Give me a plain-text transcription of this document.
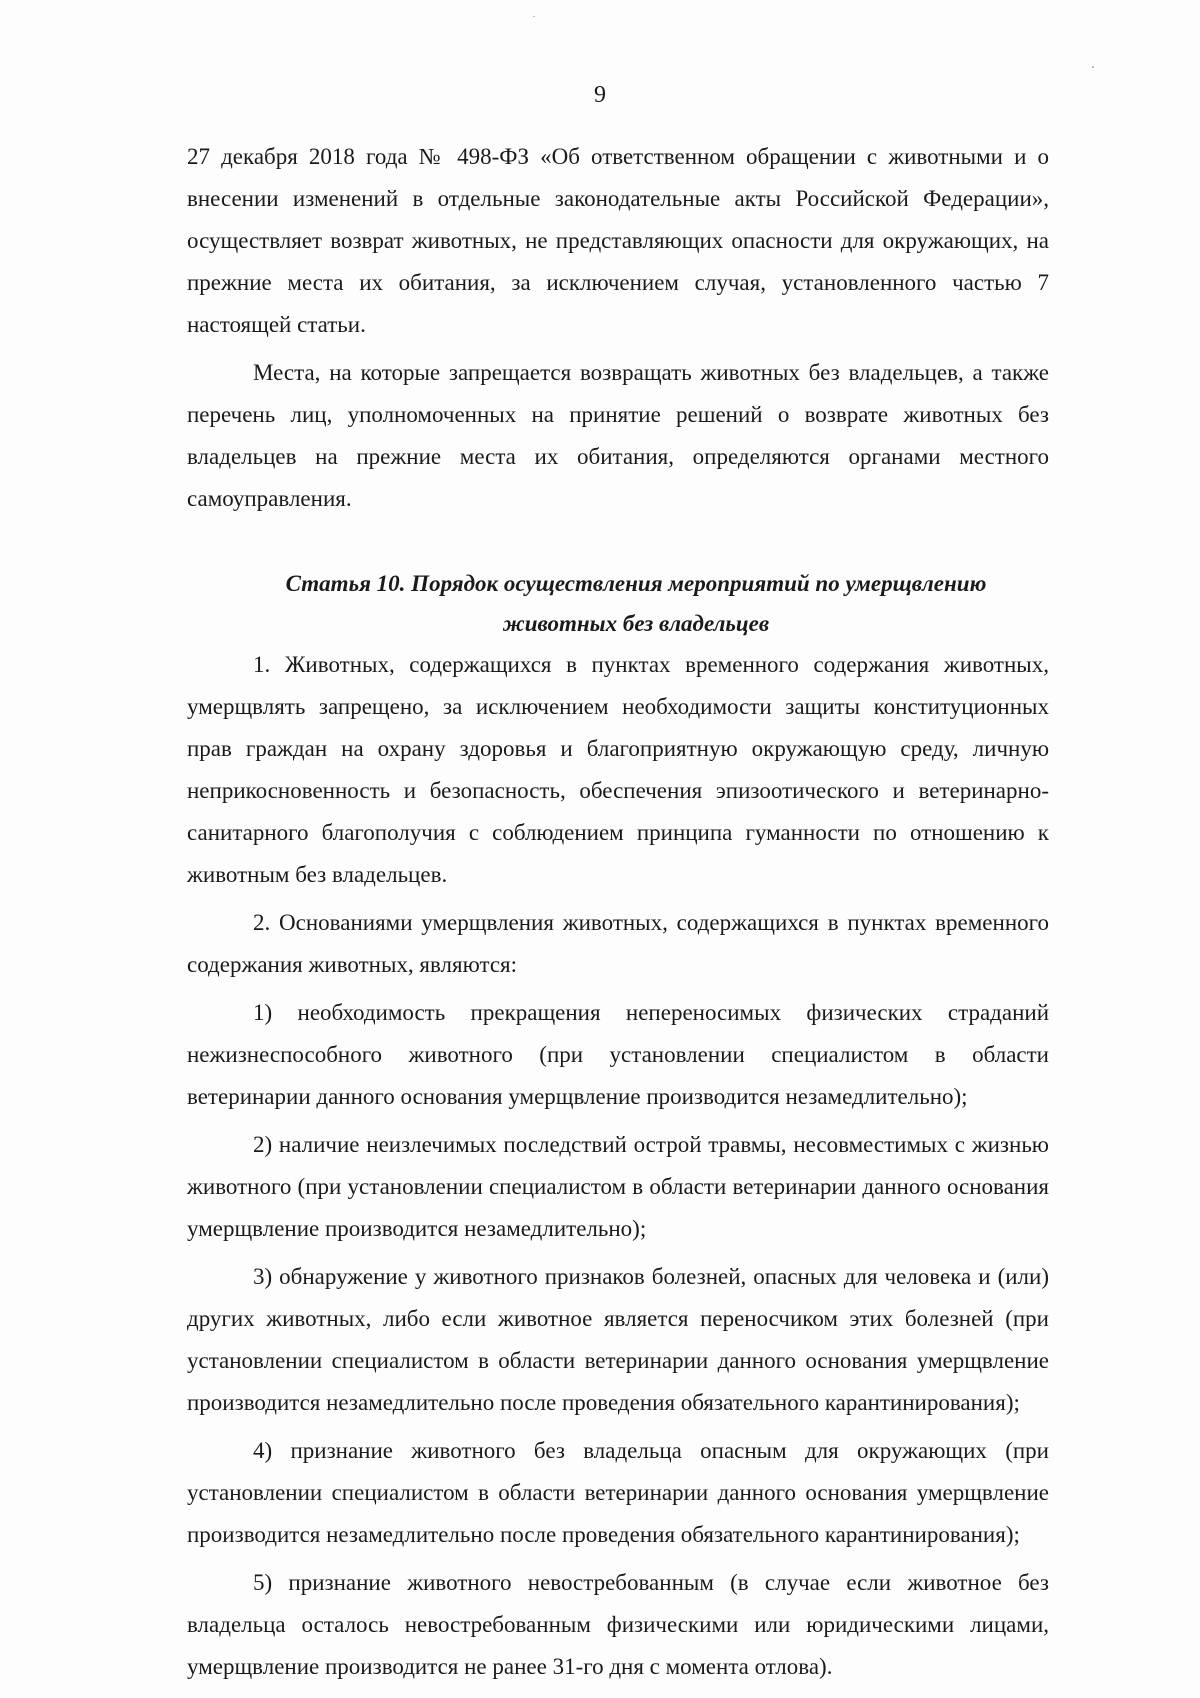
9

27 декабря 2018 года № 498-ФЗ «Об ответственном обращении с животными и о внесении изменений в отдельные законодательные акты Российской Федерации», осуществляет возврат животных, не представляющих опасности для окружающих, на прежние места их обитания, за исключением случая, установленного частью 7 настоящей статьи.

Места, на которые запрещается возвращать животных без владельцев, а также перечень лиц, уполномоченных на принятие решений о возврате животных без владельцев на прежние места их обитания, определяются органами местного самоуправления.

Статья 10. Порядок осуществления мероприятий по умерщвлению
животных без владельцев

1. Животных, содержащихся в пунктах временного содержания животных, умерщвлять запрещено, за исключением необходимости защиты конституционных прав граждан на охрану здоровья и благоприятную окружающую среду, личную неприкосновенность и безопасность, обеспечения эпизоотического и ветеринарно-санитарного благополучия с соблюдением принципа гуманности по отношению к животным без владельцев.

2. Основаниями умерщвления животных, содержащихся в пунктах временного содержания животных, являются:

1) необходимость прекращения непереносимых физических страданий нежизнеспособного животного (при установлении специалистом в области ветеринарии данного основания умерщвление производится незамедлительно);

2) наличие неизлечимых последствий острой травмы, несовместимых с жизнью животного (при установлении специалистом в области ветеринарии данного основания умерщвление производится незамедлительно);

3) обнаружение у животного признаков болезней, опасных для человека и (или) других животных, либо если животное является переносчиком этих болезней (при установлении специалистом в области ветеринарии данного основания умерщвление производится незамедлительно после проведения обязательного карантинирования);

4) признание животного без владельца опасным для окружающих (при установлении специалистом в области ветеринарии данного основания умерщвление производится незамедлительно после проведения обязательного карантинирования);

5) признание животного невостребованным (в случае если животное без владельца осталось невостребованным физическими или юридическими лицами, умерщвление производится не ранее 31-го дня с момента отлова).
